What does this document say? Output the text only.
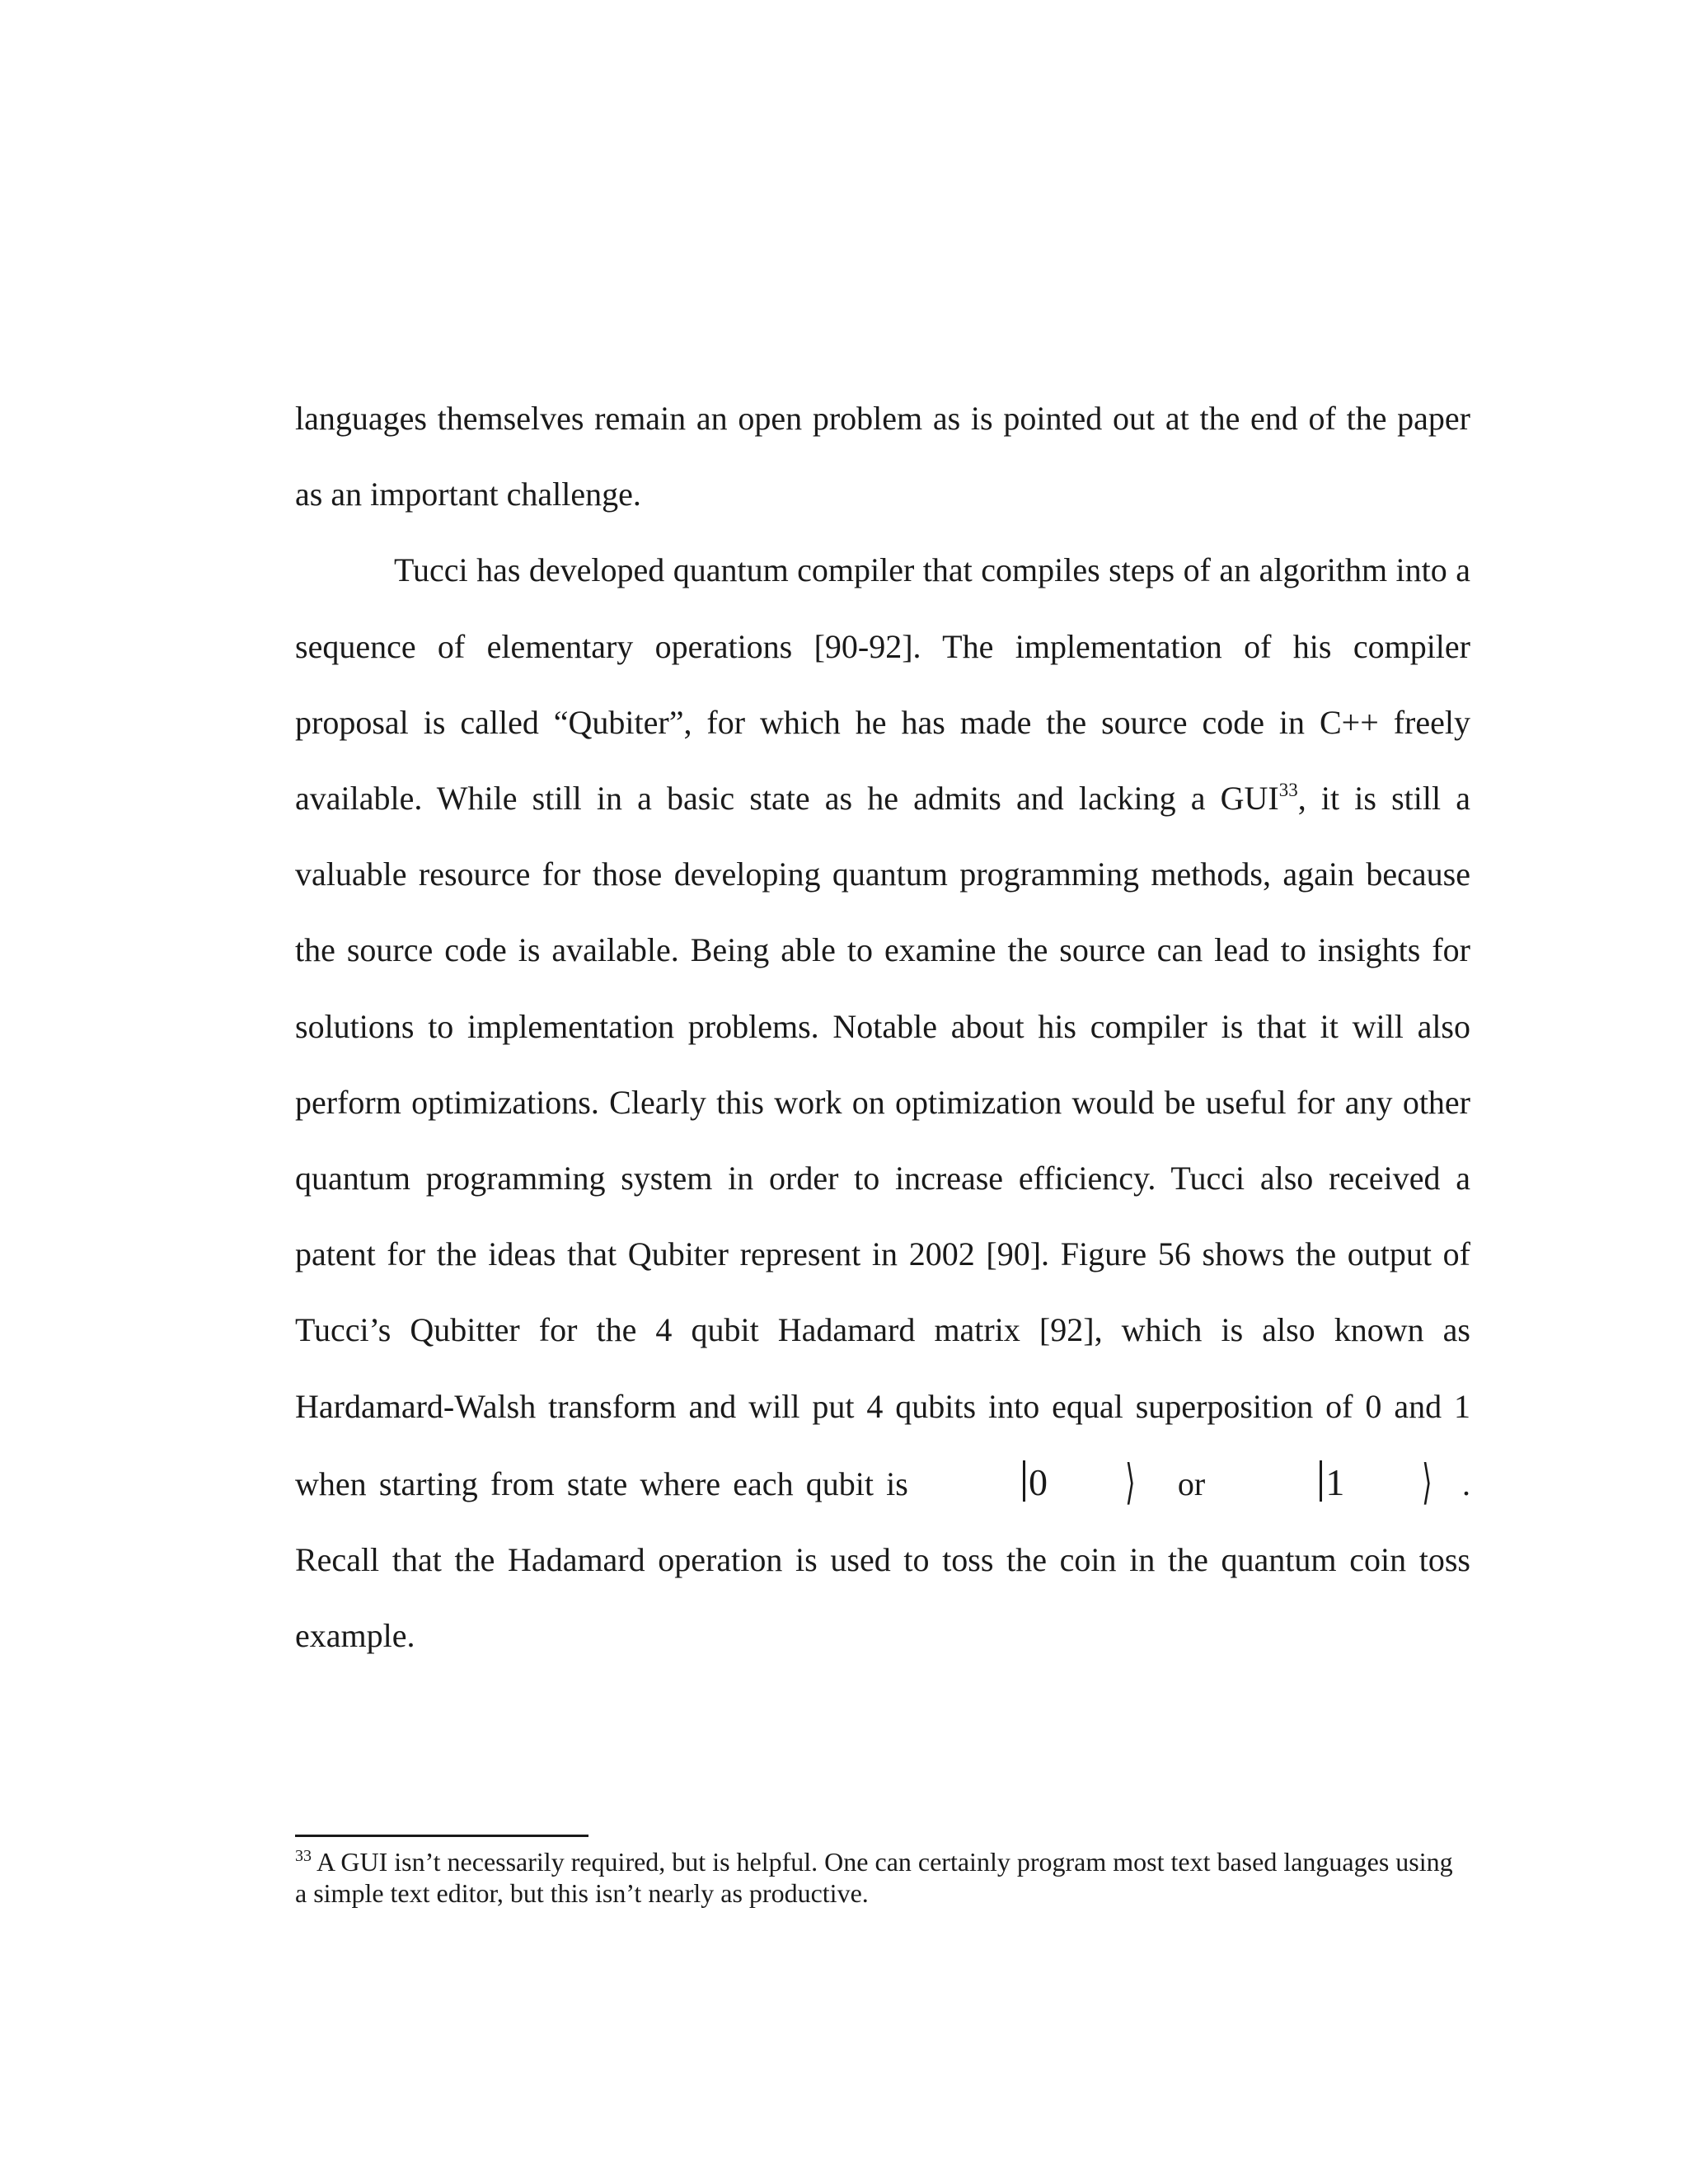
languages themselves remain an open problem as is pointed out at the end of the paper as an important challenge.

Tucci has developed quantum compiler that compiles steps of an algorithm into a sequence of elementary operations [90-92]. The implementation of his compiler proposal is called “Qubiter”, for which he has made the source code in C++ freely available. While still in a basic state as he admits and lacking a GUI$^{33}$, it is still a valuable resource for those developing quantum programming methods, again because the source code is available. Being able to examine the source can lead to insights for solutions to implementation problems. Notable about his compiler is that it will also perform optimizations. Clearly this work on optimization would be useful for any other quantum programming system in order to increase efficiency. Tucci also received a patent for the ideas that Qubiter represent in 2002 [90]. Figure 56 shows the output of Tucci’s Qubitter for the 4 qubit Hadamard matrix [92], which is also known as Hardamard-Walsh transform and will put 4 qubits into equal superposition of 0 and 1 when starting from state where each qubit is	0 ⟩ or	1 ⟩ . Recall that the Hadamard operation is used to toss the coin in the quantum coin toss example.

$^{33}$ A GUI isn’t necessarily required, but is helpful. One can certainly program most text based languages using a simple text editor, but this isn’t nearly as productive.
